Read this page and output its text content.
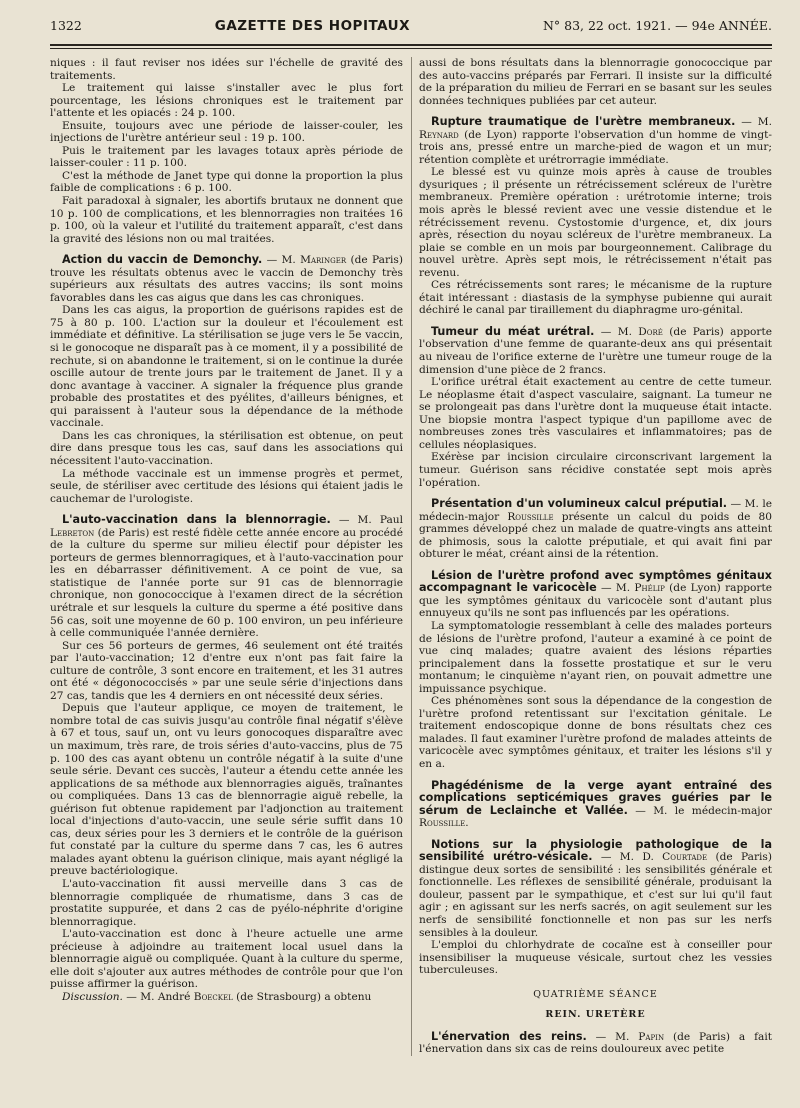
1322	GAZETTE DES HOPITAUX	N° 83, 22 oct. 1921. — 94e ANNÉE.

niques : il faut reviser nos idées sur l'échelle de gravité des traitements.

Le traitement qui laisse s'installer avec le plus fort pourcentage, les lésions chroniques est le traitement par l'attente et les opiacés : 24 p. 100.

Ensuite, toujours avec une période de laisser-couler, les injections de l'urètre antérieur seul : 19 p. 100.

Puis le traitement par les lavages totaux après période de laisser-couler : 11 p. 100.

C'est la méthode de Janet type qui donne la proportion la plus faible de complications : 6 p. 100.

Fait paradoxal à signaler, les abortifs brutaux ne donnent que 10 p. 100 de complications, et les blennorragies non traitées 16 p. 100, où la valeur et l'utilité du traitement apparaît, c'est dans la gravité des lésions non ou mal traitées.

Action du vaccin de Demonchy. — M. Maringer (de Paris) trouve les résultats obtenus avec le vaccin de Demonchy très supérieurs aux résultats des autres vaccins; ils sont moins favorables dans les cas aigus que dans les cas chroniques.

Dans les cas aigus, la proportion de guérisons rapides est de 75 à 80 p. 100. L'action sur la douleur et l'écoulement est immédiate et définitive. La stérilisation se juge vers le 5e vaccin, si le gonocoque ne disparaît pas à ce moment, il y a possibilité de rechute, si on abandonne le traitement, si on le continue la durée oscille autour de trente jours par le traitement de Janet. Il y a donc avantage à vacciner. A signaler la fréquence plus grande probable des prostatites et des pyélites, d'ailleurs bénignes, et qui paraissent à l'auteur sous la dépendance de la méthode vaccinale.

Dans les cas chroniques, la stérilisation est obtenue, on peut dire dans presque tous les cas, sauf dans les associations qui nécessitent l'auto-vaccination.

La méthode vaccinale est un immense progrès et permet, seule, de stériliser avec certitude des lésions qui étaient jadis le cauchemar de l'urologiste.

L'auto-vaccination dans la blennorragie. — M. Paul Lebreton (de Paris) est resté fidèle cette année encore au procédé de la culture du sperme sur milieu électif pour dépister les porteurs de germes blennorragiques, et à l'auto-vaccination pour les en débarrasser définitivement. A ce point de vue, sa statistique de l'année porte sur 91 cas de blennorragie chronique, non gonococcique à l'examen direct de la sécrétion urétrale et sur lesquels la culture du sperme a été positive dans 56 cas, soit une moyenne de 60 p. 100 environ, un peu inférieure à celle communiquée l'année dernière.

Sur ces 56 porteurs de germes, 46 seulement ont été traités par l'auto-vaccination; 12 d'entre eux n'ont pas fait faire la culture de contrôle, 3 sont encore en traitement, et les 31 autres ont été « dégonococcisés » par une seule série d'injections dans 27 cas, tandis que les 4 derniers en ont nécessité deux séries.

Depuis que l'auteur applique, ce moyen de traitement, le nombre total de cas suivis jusqu'au contrôle final négatif s'élève à 67 et tous, sauf un, ont vu leurs gonocoques disparaître avec un maximum, très rare, de trois séries d'auto-vaccins, plus de 75 p. 100 des cas ayant obtenu un contrôle négatif à la suite d'une seule série. Devant ces succès, l'auteur a étendu cette année les applications de sa méthode aux blennorragies aiguës, traînantes ou compliquées. Dans 13 cas de blennorragie aiguë rebelle, la guérison fut obtenue rapidement par l'adjonction au traitement local d'injections d'auto-vaccin, une seule série suffit dans 10 cas, deux séries pour les 3 derniers et le contrôle de la guérison fut constaté par la culture du sperme dans 7 cas, les 6 autres malades ayant obtenu la guérison clinique, mais ayant négligé la preuve bactériologique.

L'auto-vaccination fit aussi merveille dans 3 cas de blennorragie compliquée de rhumatisme, dans 3 cas de prostatite suppurée, et dans 2 cas de pyélo-néphrite d'origine blennorragique.

L'auto-vaccination est donc à l'heure actuelle une arme précieuse à adjoindre au traitement local usuel dans la blennorragie aiguë ou compliquée. Quant à la culture du sperme, elle doit s'ajouter aux autres méthodes de contrôle pour que l'on puisse affirmer la guérison.

Discussion. — M. André Boeckel (de Strasbourg) a obtenu

aussi de bons résultats dans la blennorragie gonococcique par des auto-vaccins préparés par Ferrari. Il insiste sur la difficulté de la préparation du milieu de Ferrari en se basant sur les seules données techniques publiées par cet auteur.

Rupture traumatique de l'urètre membraneux. — M. Reynard (de Lyon) rapporte l'observation d'un homme de vingt-trois ans, pressé entre un marche-pied de wagon et un mur; rétention complète et urétrorragie immédiate.

Le blessé est vu quinze mois après à cause de troubles dysuriques ; il présente un rétrécissement scléreux de l'urètre membraneux. Première opération : urétrotomie interne; trois mois après le blessé revient avec une vessie distendue et le rétrécissement revenu. Cystostomie d'urgence, et, dix jours après, résection du noyau scléreux de l'urètre membraneux. La plaie se comble en un mois par bourgeonnement. Calibrage du nouvel urètre. Après sept mois, le rétrécissement n'était pas revenu.

Ces rétrécissements sont rares; le mécanisme de la rupture était intéressant : diastasis de la symphyse pubienne qui aurait déchiré le canal par tiraillement du diaphragme uro-génital.

Tumeur du méat urétral. — M. Doré (de Paris) apporte l'observation d'une femme de quarante-deux ans qui présentait au niveau de l'orifice externe de l'urètre une tumeur rouge de la dimension d'une pièce de 2 francs.

L'orifice urétral était exactement au centre de cette tumeur. Le néoplasme était d'aspect vasculaire, saignant. La tumeur ne se prolongeait pas dans l'urètre dont la muqueuse était intacte. Une biopsie montra l'aspect typique d'un papillome avec de nombreuses zones très vasculaires et inflammatoires; pas de cellules néoplasiques.

Exérèse par incision circulaire circonscrivant largement la tumeur. Guérison sans récidive constatée sept mois après l'opération.

Présentation d'un volumineux calcul préputial. — M. le médecin-major Roussille présente un calcul du poids de 80 grammes développé chez un malade de quatre-vingts ans atteint de phimosis, sous la calotte préputiale, et qui avait fini par obturer le méat, créant ainsi de la rétention.

Lésion de l'urètre profond avec symptômes génitaux accompagnant le varicocèle — M. Phélip (de Lyon) rapporte que les symptômes génitaux du varicocèle sont d'autant plus ennuyeux qu'ils ne sont pas influencés par les opérations.

La symptomatologie ressemblant à celle des malades porteurs de lésions de l'urètre profond, l'auteur a examiné à ce point de vue cinq malades; quatre avaient des lésions réparties principalement dans la fossette prostatique et sur le veru montanum; le cinquième n'ayant rien, on pouvait admettre une impuissance psychique.

Ces phénomènes sont sous la dépendance de la congestion de l'urètre profond retentissant sur l'excitation génitale. Le traitement endoscopique donne de bons résultats chez ces malades. Il faut examiner l'urètre profond de malades atteints de varicocèle avec symptômes génitaux, et traiter les lésions s'il y en a.

Phagédénisme de la verge ayant entraîné des complications septicémiques graves guéries par le sérum de Leclainche et Vallée. — M. le médecin-major Roussille.

Notions sur la physiologie pathologique de la sensibilité urétro-vésicale. — M. D. Courtade (de Paris) distingue deux sortes de sensibilité : les sensibilités générale et fonctionnelle. Les réflexes de sensibilité générale, produisant la douleur, passent par le sympathique, et c'est sur lui qu'il faut agir ; en agissant sur les nerfs sacrés, on agit seulement sur les nerfs de sensibilité fonctionnelle et non pas sur les nerfs sensibles à la douleur.

L'emploi du chlorhydrate de cocaïne est à conseiller pour insensibiliser la muqueuse vésicale, surtout chez les vessies tuberculeuses.

QUATRIÈME SÉANCE

REIN. URETÈRE

L'énervation des reins. — M. Papin (de Paris) a fait l'énervation dans six cas de reins douloureux avec petite
